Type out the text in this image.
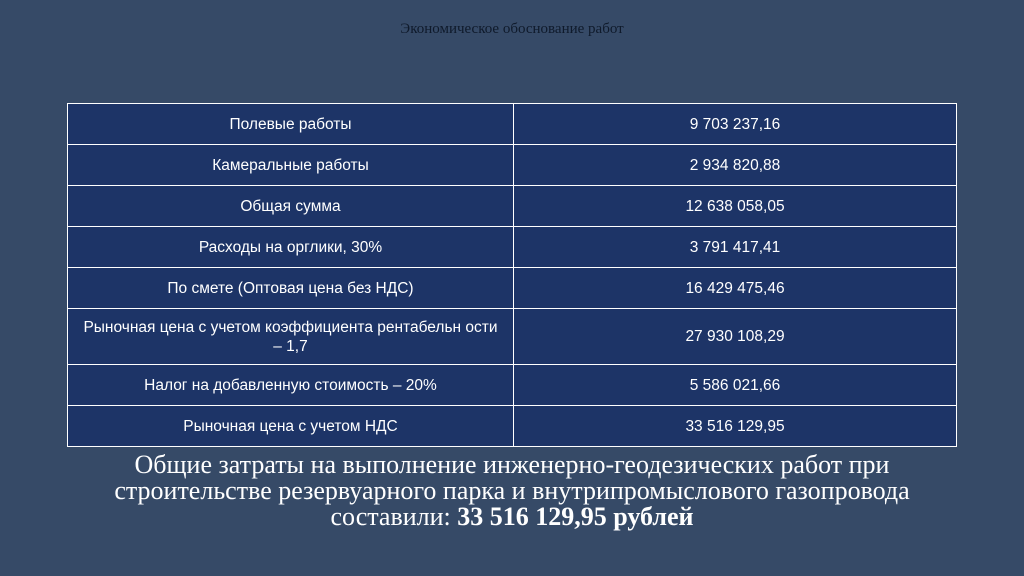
Экономическое обоснование работ
Полевые работы	9 703 237,16
Камеральные работы	2 934 820,88
Общая сумма	12 638 058,05
Расходы на орглики, 30%	3 791 417,41
По смете (Оптовая цена без НДС)	16 429 475,46
Рыночная цена с учетом коэффициента рентабельн ости – 1,7	27 930 108,29
Налог на добавленную стоимость – 20%	5 586 021,66
Рыночная цена с учетом НДС	33 516 129,95
Общие затраты на выполнение инженерно-геодезических работ при
строительстве резервуарного парка и внутрипромыслового газопровода
составили: 33 516 129,95 рублей
